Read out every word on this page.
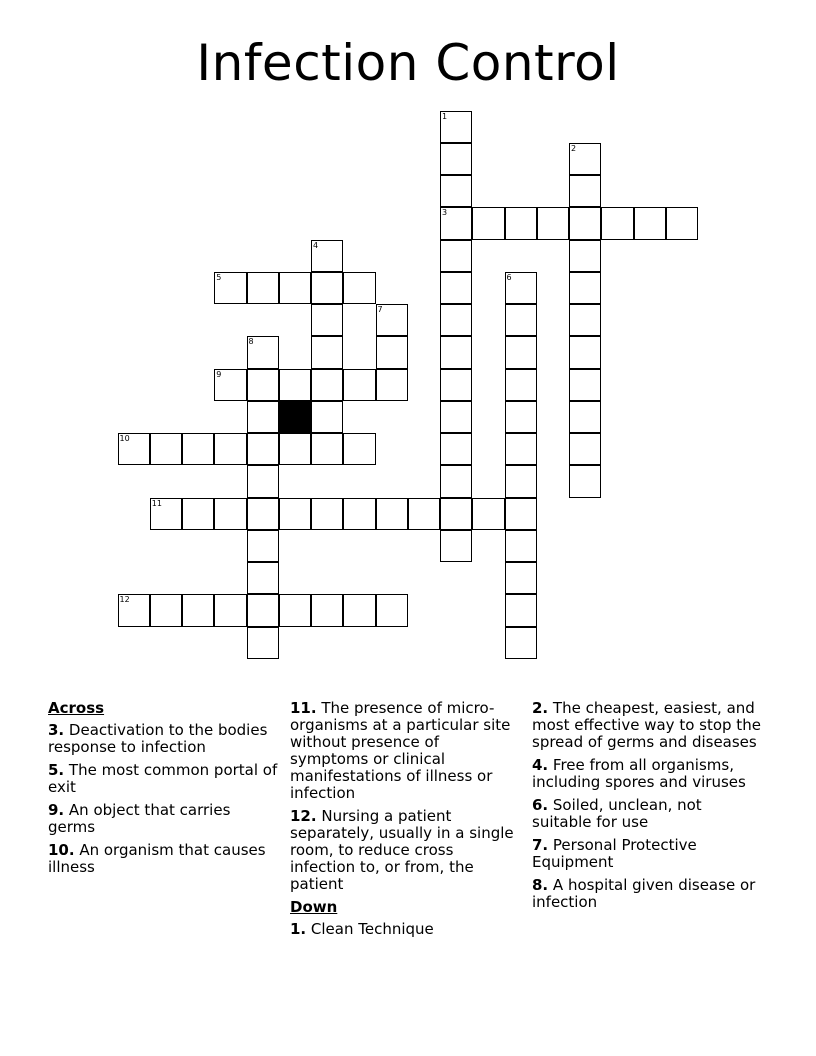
Infection Control
1
3
2
4
5	6
7
8
9
10
11
12
Across
3. Deactivation to the bodies response to infection
5. The most common portal of exit
9. An object that carries germs
10. An organism that causes illness
11. The presence of micro-organisms at a particular site without presence of symptoms or clinical manifestations of illness or infection
12. Nursing a patient separately, usually in a single room, to reduce cross infection to, or from, the patient
Down
1. Clean Technique
2. The cheapest, easiest, and most effective way to stop the spread of germs and diseases
4. Free from all organisms, including spores and viruses
6. Soiled, unclean, not suitable for use
7. Personal Protective Equipment
8. A hospital given disease or infection
